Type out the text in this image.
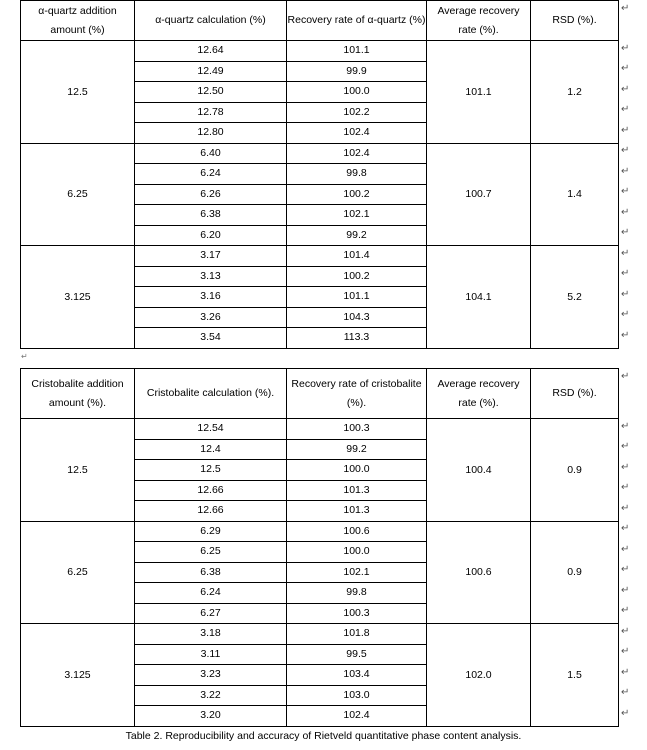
α-quartz addition amount (%)	α-quartz calculation (%)	Recovery rate of α-quartz (%)	Average recovery rate (%).	RSD (%).
12.5	12.64	101.1	101.1	1.2
	12.49	99.9		
	12.50	100.0		
	12.78	102.2		
	12.80	102.4		
6.25	6.40	102.4	100.7	1.4
	6.24	99.8		
	6.26	100.2		
	6.38	102.1		
	6.20	99.2		
3.125	3.17	101.4	104.1	5.2
	3.13	100.2		
	3.16	101.1		
	3.26	104.3		
	3.54	113.3		
↵
Cristobalite addition amount (%).	Cristobalite calculation (%).	Recovery rate of cristobalite (%).	Average recovery rate (%).	RSD (%).
12.5	12.54	100.3	100.4	0.9
	12.4	99.2		
	12.5	100.0		
	12.66	101.3		
	12.66	101.3		
6.25	6.29	100.6	100.6	0.9
	6.25	100.0		
	6.38	102.1		
	6.24	99.8		
	6.27	100.3		
3.125	3.18	101.8	102.0	1.5
	3.11	99.5		
	3.23	103.4		
	3.22	103.0		
	3.20	102.4		
Table 2. Reproducibility and accuracy of Rietveld quantitative phase content analysis.
↵
↵
↵
↵
↵
↵
↵
↵
↵
↵
↵
↵
↵
↵
↵
↵
↵
↵
↵
↵
↵
↵
↵
↵
↵
↵
↵
↵
↵
↵
↵
↵
